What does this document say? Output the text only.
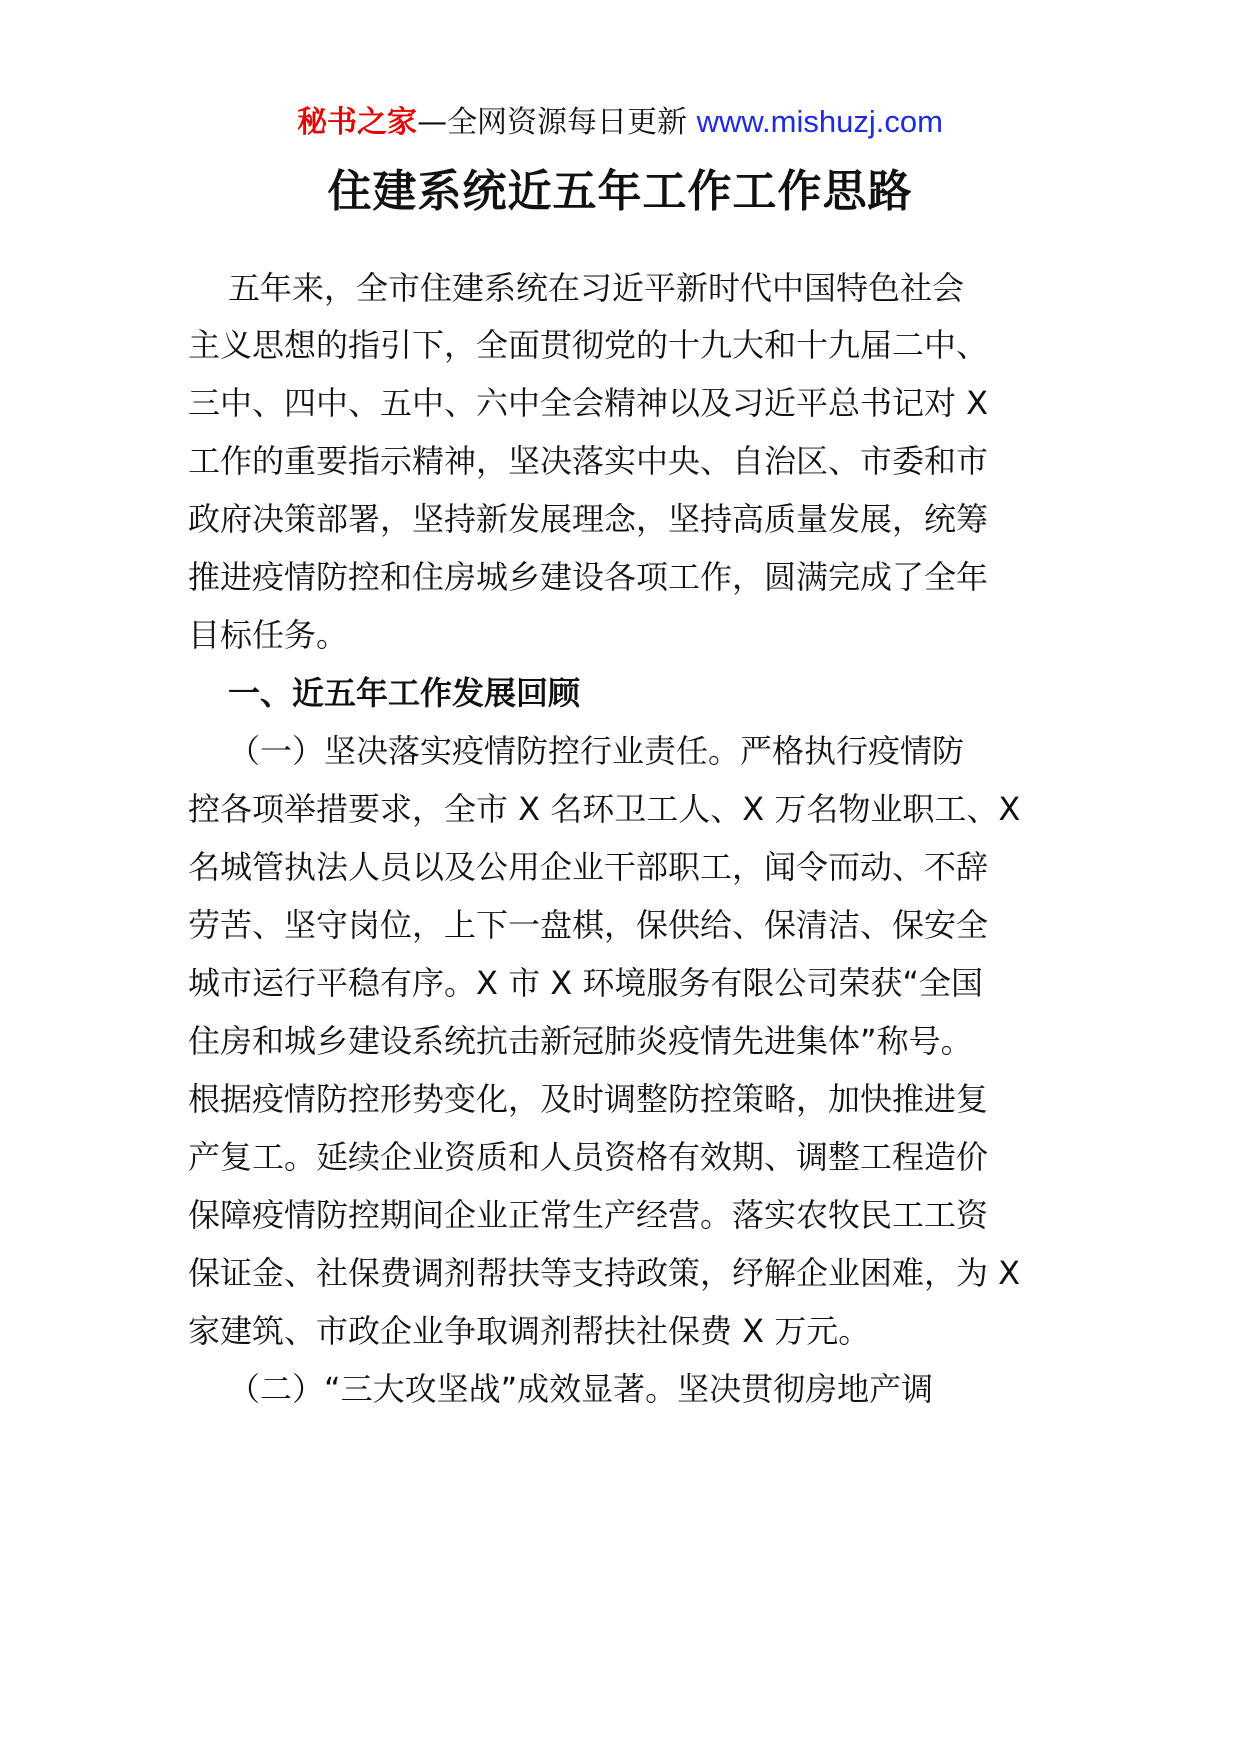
秘书之家—全网资源每日更新 www.mishuzj.com
住建系统近五年工作工作思路
五年来，全市住建系统在习近平新时代中国特色社会
主义思想的指引下，全面贯彻党的十九大和十九届二中、
三中、四中、五中、六中全会精神以及习近平总书记对 X
工作的重要指示精神，坚决落实中央、自治区、市委和市
政府决策部署，坚持新发展理念，坚持高质量发展，统筹
推进疫情防控和住房城乡建设各项工作，圆满完成了全年
目标任务。
一、近五年工作发展回顾
（一）坚决落实疫情防控行业责任。严格执行疫情防
控各项举措要求，全市 X 名环卫工人、X 万名物业职工、X
名城管执法人员以及公用企业干部职工，闻令而动、不辞
劳苦、坚守岗位，上下一盘棋，保供给、保清洁、保安全
城市运行平稳有序。X 市 X 环境服务有限公司荣获“全国
住房和城乡建设系统抗击新冠肺炎疫情先进集体”称号。
根据疫情防控形势变化，及时调整防控策略，加快推进复
产复工。延续企业资质和人员资格有效期、调整工程造价
保障疫情防控期间企业正常生产经营。落实农牧民工工资
保证金、社保费调剂帮扶等支持政策，纾解企业困难，为 X
家建筑、市政企业争取调剂帮扶社保费 X 万元。
（二）“三大攻坚战”成效显著。坚决贯彻房地产调
